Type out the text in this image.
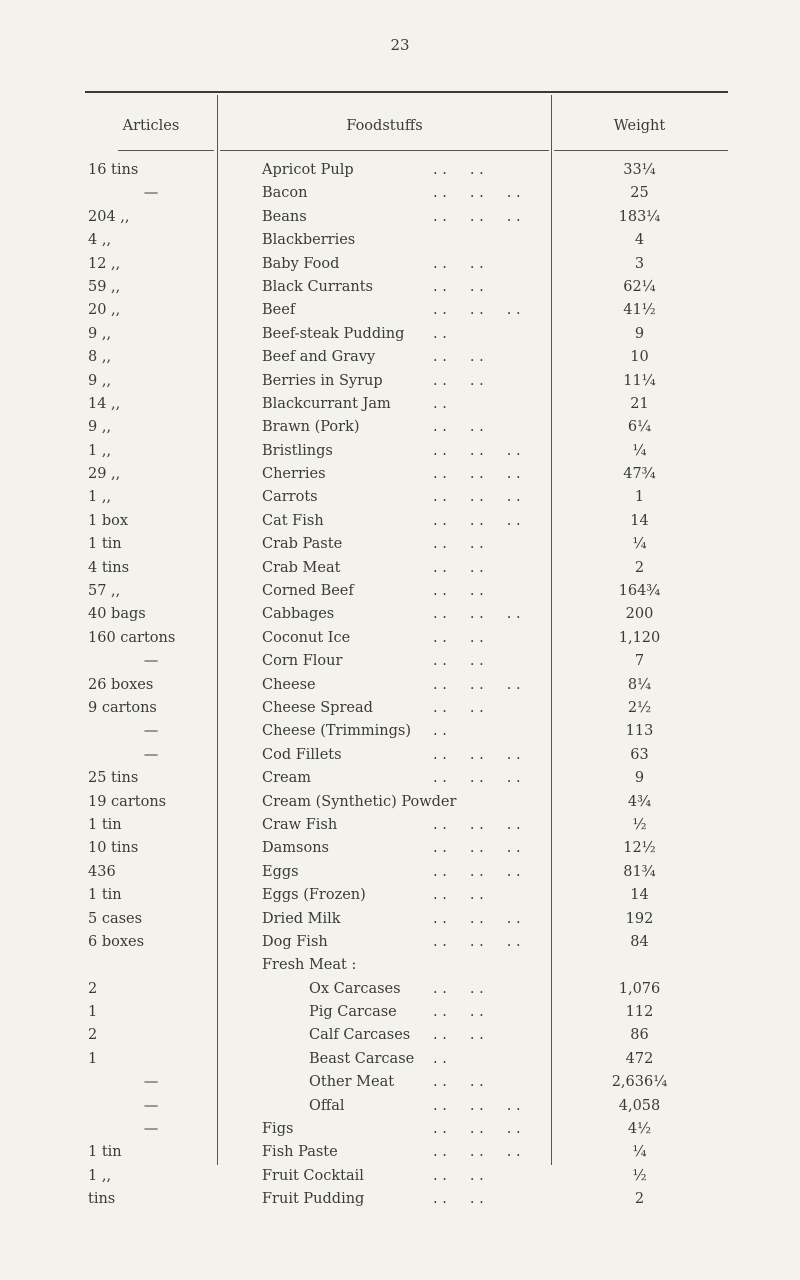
23
Articles	Foodstuffs	Weight
16 tins	Apricot Pulp	. .     . .	33¼
—	Bacon	. .     . .     . .	25
204 ,,	Beans	. .     . .     . .	183¼
4 ,,	Blackberries	4
12 ,,	Baby Food	. .     . .	3
59 ,,	Black Currants	. .     . .	62¼
20 ,,	Beef	. .     . .     . .	41½
9 ,,	Beef-steak Pudding . .	9
8 ,,	Beef and Gravy	. .     . .	10
9 ,,	Berries in Syrup	. .     . .	11¼
14 ,,	Blackcurrant Jam	. .	21
9 ,,	Brawn (Pork)	. .     . .	6¼
1 ,,	Bristlings	. .     . .     . .	¼
29 ,,	Cherries	. .     . .     . .	47¾
1 ,,	Carrots	. .     . .     . .	1
1 box	Cat Fish	. .     . .     . .	14
1 tin	Crab Paste	. .     . .	¼
4 tins	Crab Meat	. .     . .	2
57 ,,	Corned Beef	. .     . .	164¾
40 bags	Cabbages	. .     . .     . .	200
160 cartons	Coconut Ice	. .     . .	1,120
—	Corn Flour	. .     . .	7
26 boxes	Cheese	. .     . .     . .	8¼
9 cartons	Cheese Spread	. .     . .	2½
—	Cheese (Trimmings) . .	113
—	Cod Fillets	. .     . .     . .	63
25 tins	Cream	. .     . .     . .	9
19 cartons	Cream (Synthetic) Powder	4¾
1 tin	Craw Fish	. .     . .     . .	½
10 tins	Damsons	. .     . .     . .	12½
436	Eggs	. .     . .     . .	81¾
1 tin	Eggs (Frozen)	. .     . .	14
5 cases	Dried Milk	. .     . .     . .	192
6 boxes	Dog Fish	. .     . .     . .	84
Fresh Meat :
2	Ox Carcases . .     . .	1,076
1	Pig Carcase	. .     . .	112
2	Calf Carcases . .     . .	86
1	Beast Carcase . .	472
—	Other Meat	. .     . .	2,636¼
—	Offal	. .     . .     . .	4,058
—	Figs	. .     . .     . .	4½
1 tin	Fish Paste	. .     . .     . .	¼
1 ,,	Fruit Cocktail	. .     . .	½
tins	Fruit Pudding	. .     . .	2
